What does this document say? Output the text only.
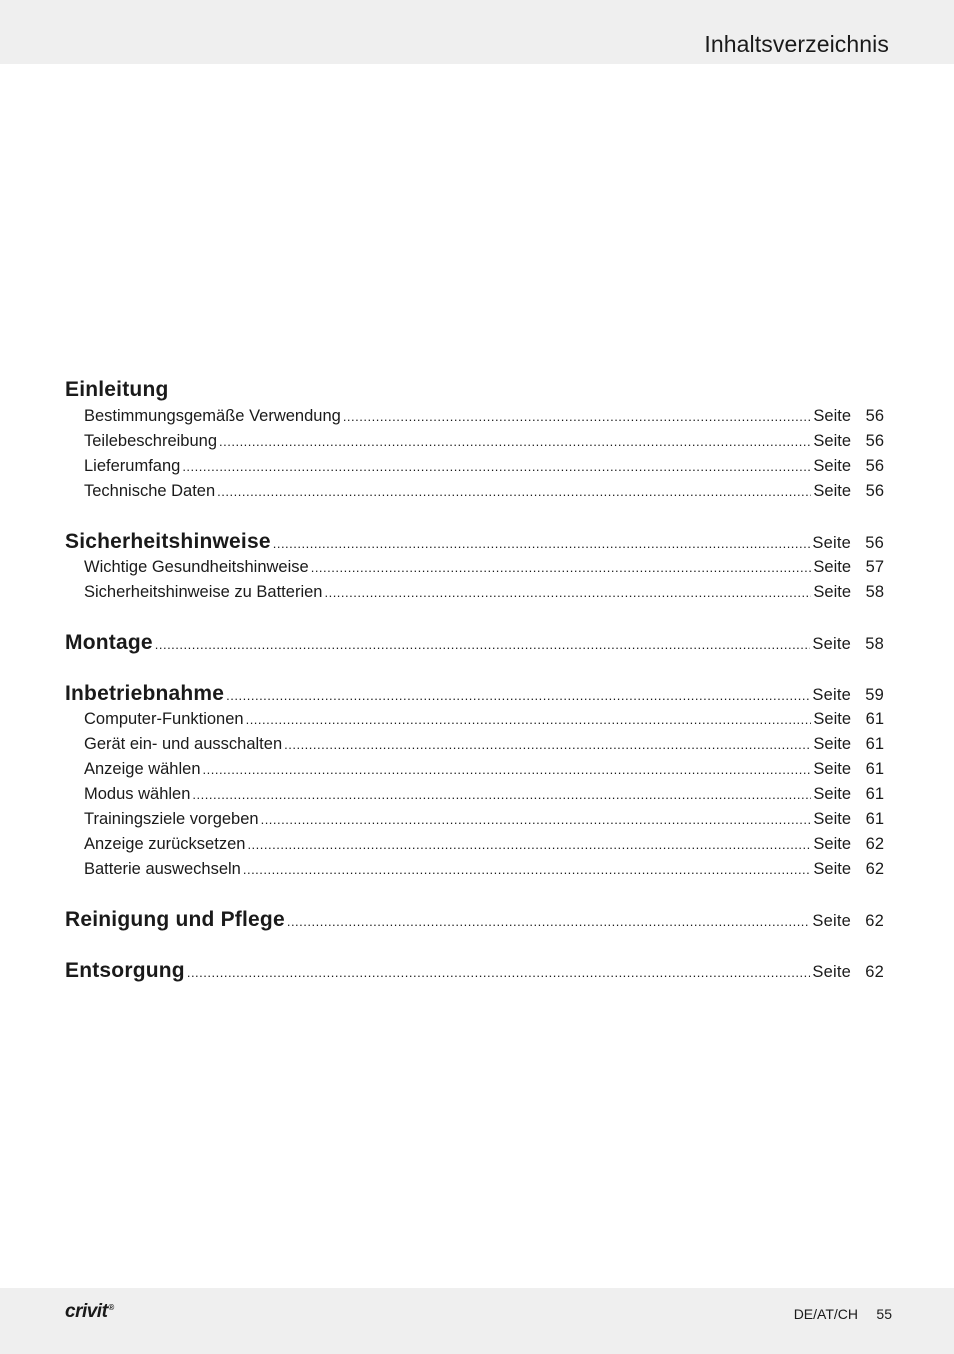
Inhaltsverzeichnis
Einleitung
Bestimmungsgemäße Verwendung .....	Seite 56
Teilebeschreibung .....	Seite 56
Lieferumfang .....	Seite 56
Technische Daten .....	Seite 56
Sicherheitshinweise .....	Seite 56
Wichtige Gesundheitshinweise .....	Seite 57
Sicherheitshinweise zu Batterien .....	Seite 58
Montage .....	Seite 58
Inbetriebnahme .....	Seite 59
Computer-Funktionen .....	Seite 61
Gerät ein- und ausschalten .....	Seite 61
Anzeige wählen .....	Seite 61
Modus wählen .....	Seite 61
Trainingsziele vorgeben .....	Seite 61
Anzeige zurücksetzen .....	Seite 62
Batterie auswechseln .....	Seite 62
Reinigung und Pflege .....	Seite 62
Entsorgung .....	Seite 62
crivit®	DE/AT/CH 55
